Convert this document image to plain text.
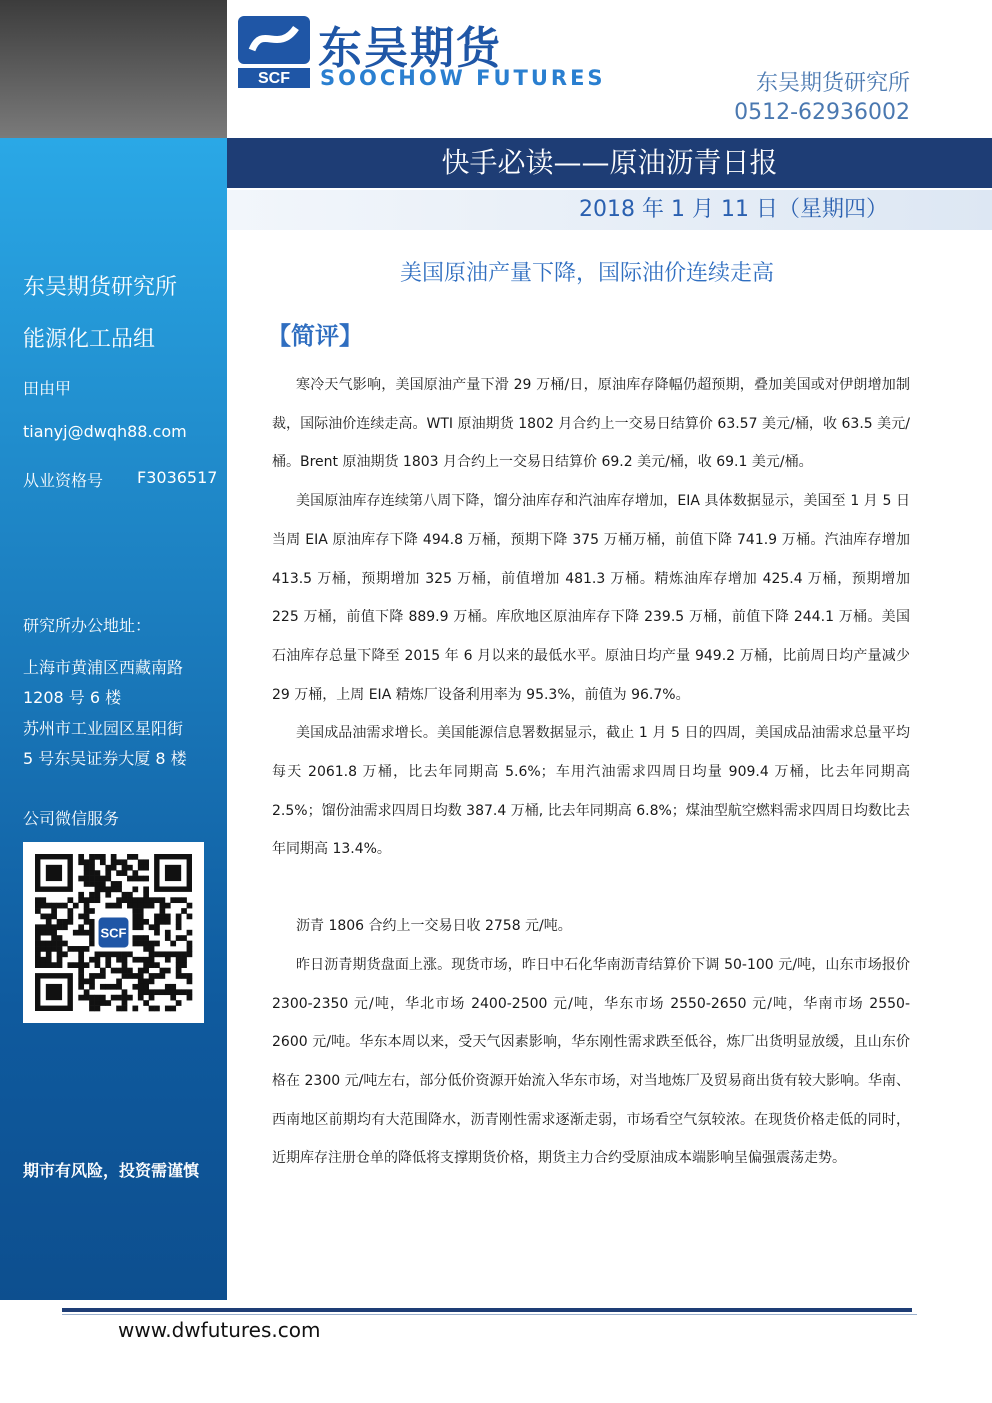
东吴期货研究所
能源化工品组
田由甲
tianyj@dwqh88.com
从业资格号 F3036517
研究所办公地址：
上海市黄浦区西藏南路
1208 号 6 楼
苏州市工业园区星阳街
5 号东吴证券大厦 8 楼
公司微信服务
期市有风险，投资需谨慎
SCF
SCF
东吴期货
SOOCHOW FUTURES	东吴期货研究所
0512-62936002
快手必读——原油沥青日报
2018 年 1 月 11 日（星期四）
美国原油产量下降，国际油价连续走高
【简评】

寒冷天气影响，美国原油产量下滑 29 万桶/日，原油库存降幅仍超预期，叠加美国或对伊朗增加制裁，国际油价连续走高。WTI 原油期货 1802 月合约上一交易日结算价 63.57 美元/桶，收 63.5 美元/桶。Brent 原油期货 1803 月合约上一交易日结算价 69.2 美元/桶，收 69.1 美元/桶。

美国原油库存连续第八周下降，馏分油库存和汽油库存增加，EIA 具体数据显示，美国至 1 月 5 日当周 EIA 原油库存下降 494.8 万桶，预期下降 375 万桶万桶，前值下降 741.9 万桶。汽油库存增加 413.5 万桶，预期增加 325 万桶，前值增加 481.3 万桶。精炼油库存增加 425.4 万桶，预期增加 225 万桶，前值下降 889.9 万桶。库欣地区原油库存下降 239.5 万桶，前值下降 244.1 万桶。美国石油库存总量下降至 2015 年 6 月以来的最低水平。原油日均产量 949.2 万桶，比前周日均产量减少 29 万桶，上周 EIA 精炼厂设备利用率为 95.3%，前值为 96.7%。

美国成品油需求增长。美国能源信息署数据显示，截止 1 月 5 日的四周，美国成品油需求总量平均每天 2061.8 万桶，比去年同期高 5.6%；车用汽油需求四周日均量 909.4 万桶，比去年同期高 2.5%；馏份油需求四周日均数 387.4 万桶, 比去年同期高 6.8%；煤油型航空燃料需求四周日均数比去年同期高 13.4%。

沥青 1806 合约上一交易日收 2758 元/吨。

昨日沥青期货盘面上涨。现货市场，昨日中石化华南沥青结算价下调 50-100 元/吨，山东市场报价 2300-2350 元/吨，华北市场 2400-2500 元/吨，华东市场 2550-2650 元/吨，华南市场 2550-2600 元/吨。华东本周以来，受天气因素影响，华东刚性需求跌至低谷，炼厂出货明显放缓，且山东价格在 2300 元/吨左右，部分低价资源开始流入华东市场，对当地炼厂及贸易商出货有较大影响。华南、西南地区前期均有大范围降水，沥青刚性需求逐渐走弱，市场看空气氛较浓。在现货价格走低的同时，近期库存注册仓单的降低将支撑期货价格，期货主力合约受原油成本端影响呈偏强震荡走势。

www.dwfutures.com
